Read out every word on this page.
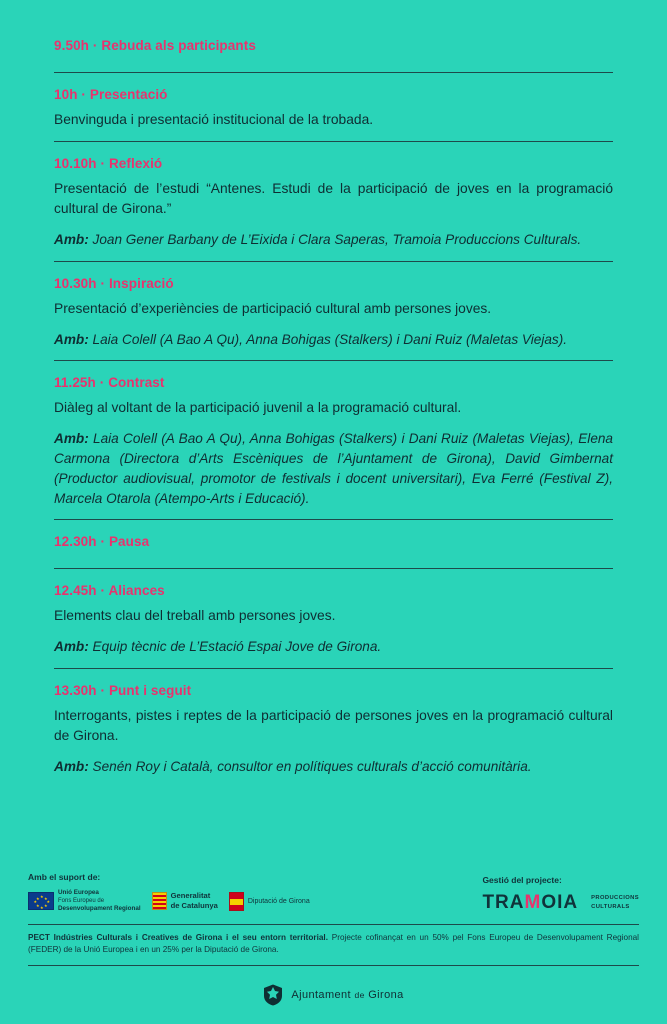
9.50h · Rebuda als participants
10h · Presentació
Benvinguda i presentació institucional de la trobada.
10.10h · Reflexió
Presentació de l’estudi “Antenes. Estudi de la participació de joves en la programació cultural de Girona.”
Amb: Joan Gener Barbany de L’Eixida i Clara Saperas, Tramoia Produccions Culturals.
10.30h · Inspiració
Presentació d’experiències de participació cultural amb persones joves.
Amb: Laia Colell (A Bao A Qu), Anna Bohigas (Stalkers) i Dani Ruiz (Maletas Viejas).
11.25h · Contrast
Diàleg al voltant de la participació juvenil a la programació cultural.
Amb: Laia Colell (A Bao A Qu), Anna Bohigas (Stalkers) i Dani Ruiz (Maletas Viejas), Elena Carmona (Directora d’Arts Escèniques de l’Ajuntament de Girona), David Gimbernat (Productor audiovisual, promotor de festivals i docent universitari), Eva Ferré (Festival Z), Marcela Otarola (Atempo-Arts i Educació).
12.30h · Pausa
12.45h · Aliances
Elements clau del treball amb persones joves.
Amb: Equip tècnic de L’Estació Espai Jove de Girona.
13.30h · Punt i seguit
Interrogants, pistes i reptes de la participació de persones joves en la programació cultural de Girona.
Amb: Senén Roy i Català, consultor en polítiques culturals d’acció comunitària.
Amb el suport de:
★ ★
★
★
★
★
★
★
Unió Europea
Fons Europeu de
Desenvolupament Regional
Generalitat
de Catalunya	Diputació de Girona
Gestió del projecte:
TRAMOIA PRODUCCIONS
CULTURALS
PECT Indústries Culturals i Creatives de Girona i el seu entorn territorial. Projecte cofinançat en un 50% pel Fons Europeu de Desenvolupament Regional (FEDER) de la Unió Europea i en un 25% per la Diputació de Girona.
Ajuntament de Girona
